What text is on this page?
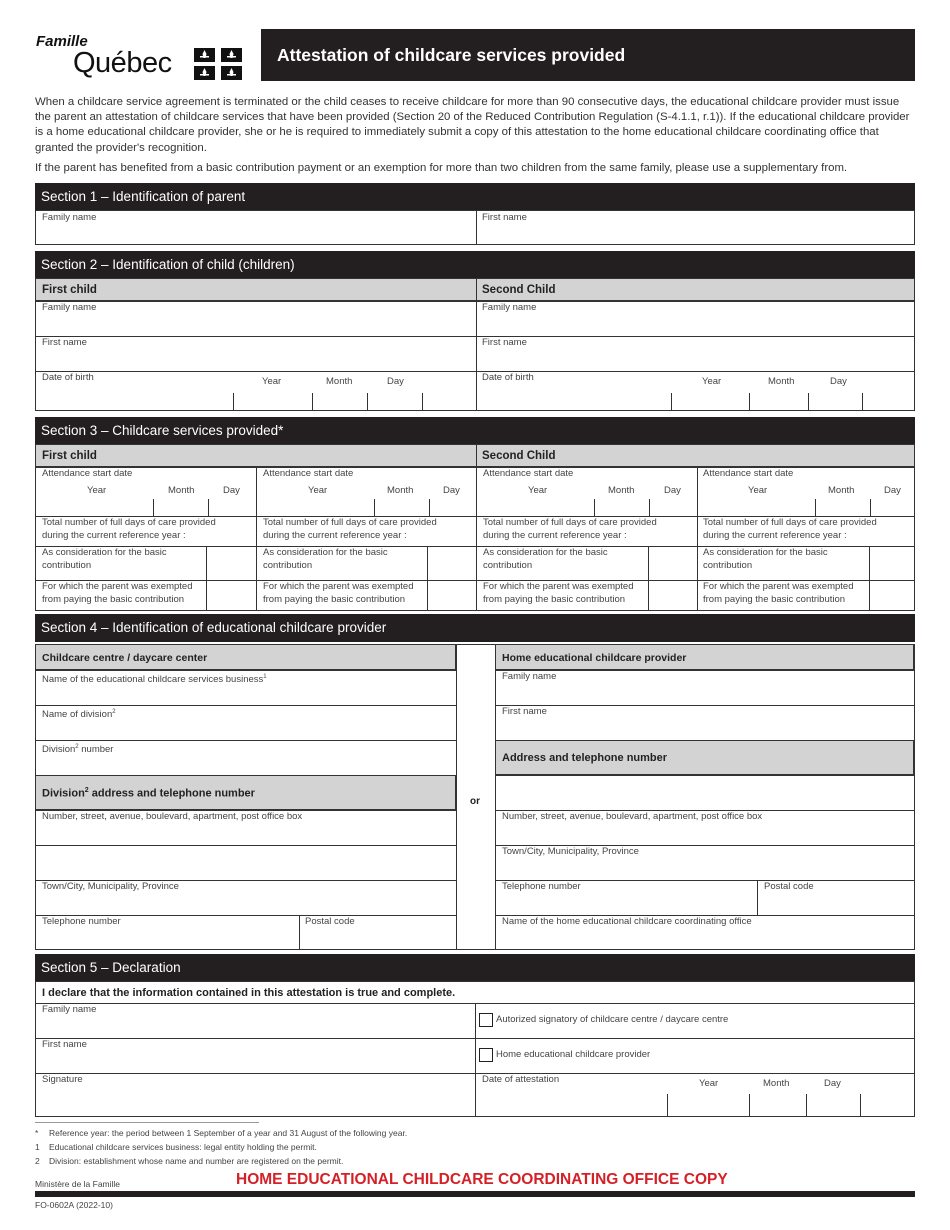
Famille
Québec	Attestation of childcare services provided
When a childcare service agreement is terminated or the child ceases to receive childcare for more than 90 consecutive days, the educational childcare provider must issue the parent an attestation of childcare services that have been provided (Section 20 of the Reduced Contribution Regulation (S-4.1.1, r.1)). If the educational childcare provider is a home educational childcare provider, she or he is required to immediately submit a copy of this attestation to the home educational childcare coordinating office that granted the provider's recognition.
If the parent has benefited from a basic contribution payment or an exemption for more than two children from the same family, please use a supplementary from.
Section 1 – Identification of parent
Family name	First name
Section 2 – Identification of child (children)
First child	Second Child
Family name	Family name
First name	First name
Date of birth	Date of birth
Year	Month	Day	Year	Month	Day
Section 3 – Childcare services provided*
First child	Second Child
Attendance start date
Year	Month	Day
Total number of full days of care provided during the current reference year :
As consideration for the basic contribution
For which the parent was exempted from paying the basic contribution
Attendance start date
Year	Month	Day
Total number of full days of care provided during the current reference year :
As consideration for the basic contribution
For which the parent was exempted from paying the basic contribution
Attendance start date
Year	Month	Day
Total number of full days of care provided during the current reference year :
As consideration for the basic contribution
For which the parent was exempted from paying the basic contribution
Attendance start date
Year	Month	Day
Total number of full days of care provided during the current reference year :
As consideration for the basic contribution
For which the parent was exempted from paying the basic contribution
Section 4 – Identification of educational childcare provider
Childcare centre / daycare center
Name of the educational childcare services business$^1$
Name of division$^2$
Division$^2$ number
Division$^2$ address and telephone number
Number, street, avenue, boulevard, apartment, post office box
Town/City, Municipality, Province
Telephone number	Postal code
or
Home educational childcare provider
Family name
First name
Address and telephone number
Number, street, avenue, boulevard, apartment, post office box
Town/City, Municipality, Province
Telephone number	Postal code
Name of the home educational childcare coordinating office
Section 5 – Declaration
I declare that the information contained in this attestation is true and complete.
Family name
First name
Signature
Autorized signatory of childcare centre / daycare centre
Home educational childcare provider
Date of attestation	Year	Month	Day
* Reference year: the period between 1 September of a year and 31 August of the following year.
1 Educational childcare services business: legal entity holding the permit.
2 Division: establishment whose name and number are registered on the permit.
Ministère de la Famille	HOME EDUCATIONAL CHILDCARE COORDINATING OFFICE COPY
FO-0602A (2022-10)
